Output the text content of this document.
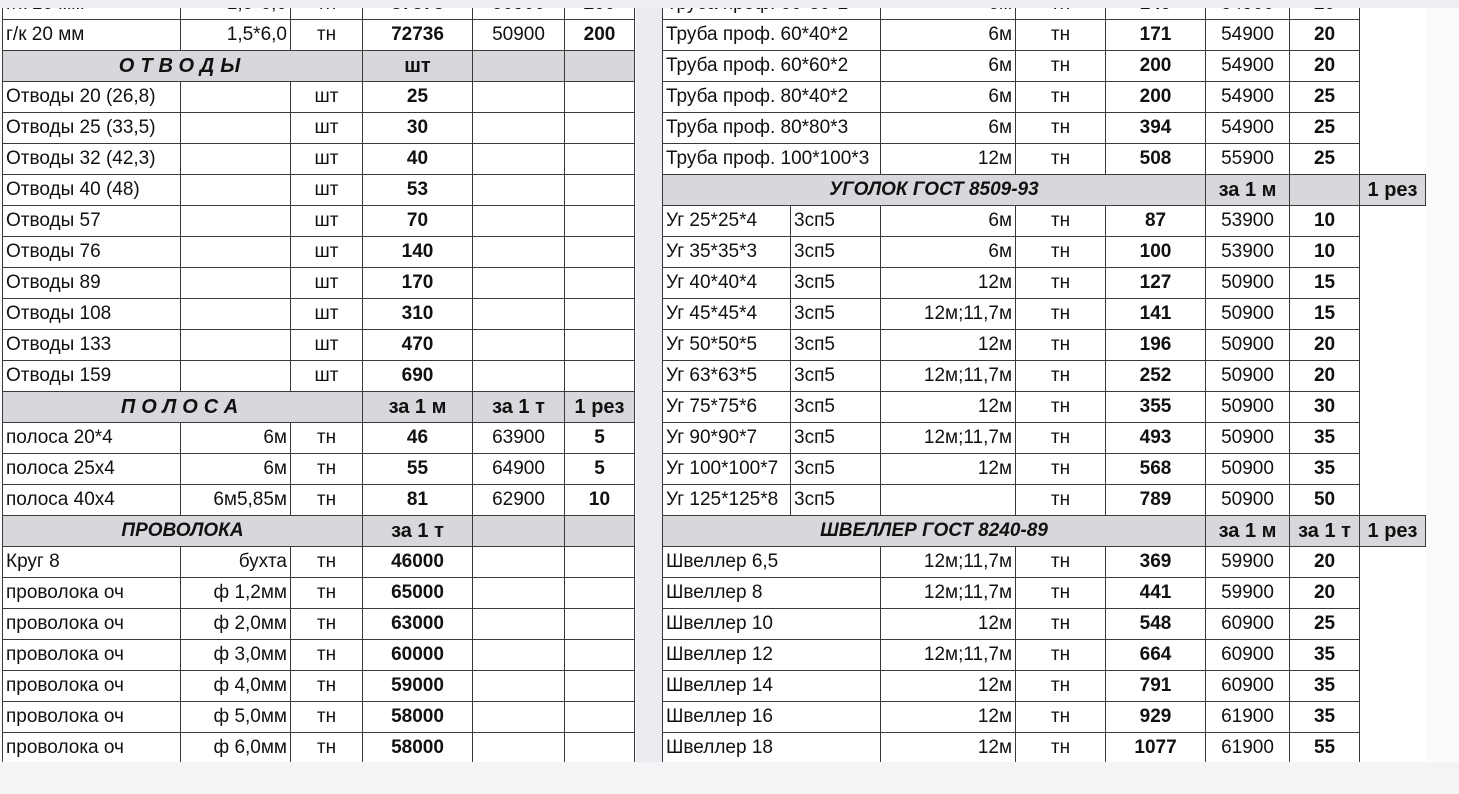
г/к 20 мм	1,5*6,0	тн	72736	50900	200
ОТВОДЫ			шт		
Отводы 20 (26,8)		шт	25		
Отводы 25 (33,5)		шт	30		
Отводы 32 (42,3)		шт	40		
Отводы 40 (48)		шт	53		
Отводы 57		шт	70		
Отводы 76		шт	140		
Отводы 89		шт	170		
Отводы 108		шт	310		
Отводы 133		шт	470		
Отводы 159		шт	690		
ПОЛОСА			за 1 м	за 1 т	1 рез
полоса 20*4	6м	тн	46	63900	5
полоса 25x4	6м	тн	55	64900	5
полоса 40x4	6м5,85м	тн	81	62900	10
ПРОВОЛОКА			за 1 т		
Круг 8	бухта	тн	46000		
проволока оч	ф 1,2мм	тн	65000		
проволока оч	ф 2,0мм	тн	63000		
проволока оч	ф 3,0мм	тн	60000		
проволока оч	ф 4,0мм	тн	59000		
проволока оч	ф 5,0мм	тн	58000		
проволока оч	ф 6,0мм	тн	58000		

Труба проф. 60*40*2		6м	тн	171	54900	20	
Труба проф. 60*60*2		6м	тн	200	54900	20	
Труба проф. 80*40*2		6м	тн	200	54900	25	
Труба проф. 80*80*3		6м	тн	394	54900	25	
Труба проф. 100*100*3		12м	тн	508	55900	25	
УГОЛОК ГОСТ 8509-93					за 1 м		1 рез
Уг 25*25*4	3сп5	6м	тн	87	53900	10	
Уг 35*35*3	3сп5	6м	тн	100	53900	10	
Уг 40*40*4	3сп5	12м	тн	127	50900	15	
Уг 45*45*4	3сп5	12м;11,7м	тн	141	50900	15	
Уг 50*50*5	3сп5	12м	тн	196	50900	20	
Уг 63*63*5	3сп5	12м;11,7м	тн	252	50900	20	
Уг 75*75*6	3сп5	12м	тн	355	50900	30	
Уг 90*90*7	3сп5	12м;11,7м	тн	493	50900	35	
Уг 100*100*7	3сп5	12м	тн	568	50900	35	
Уг 125*125*8	3сп5		тн	789	50900	50	
ШВЕЛЛЕР ГОСТ 8240-89					за 1 м	за 1 т	1 рез
Швеллер 6,5		12м;11,7м	тн	369	59900	20	
Швеллер 8		12м;11,7м	тн	441	59900	20	
Швеллер 10		12м	тн	548	60900	25	
Швеллер 12		12м;11,7м	тн	664	60900	35	
Швеллер 14		12м	тн	791	60900	35	
Швеллер 16		12м	тн	929	61900	35	
Швеллер 18		12м	тн	1077	61900	55	
